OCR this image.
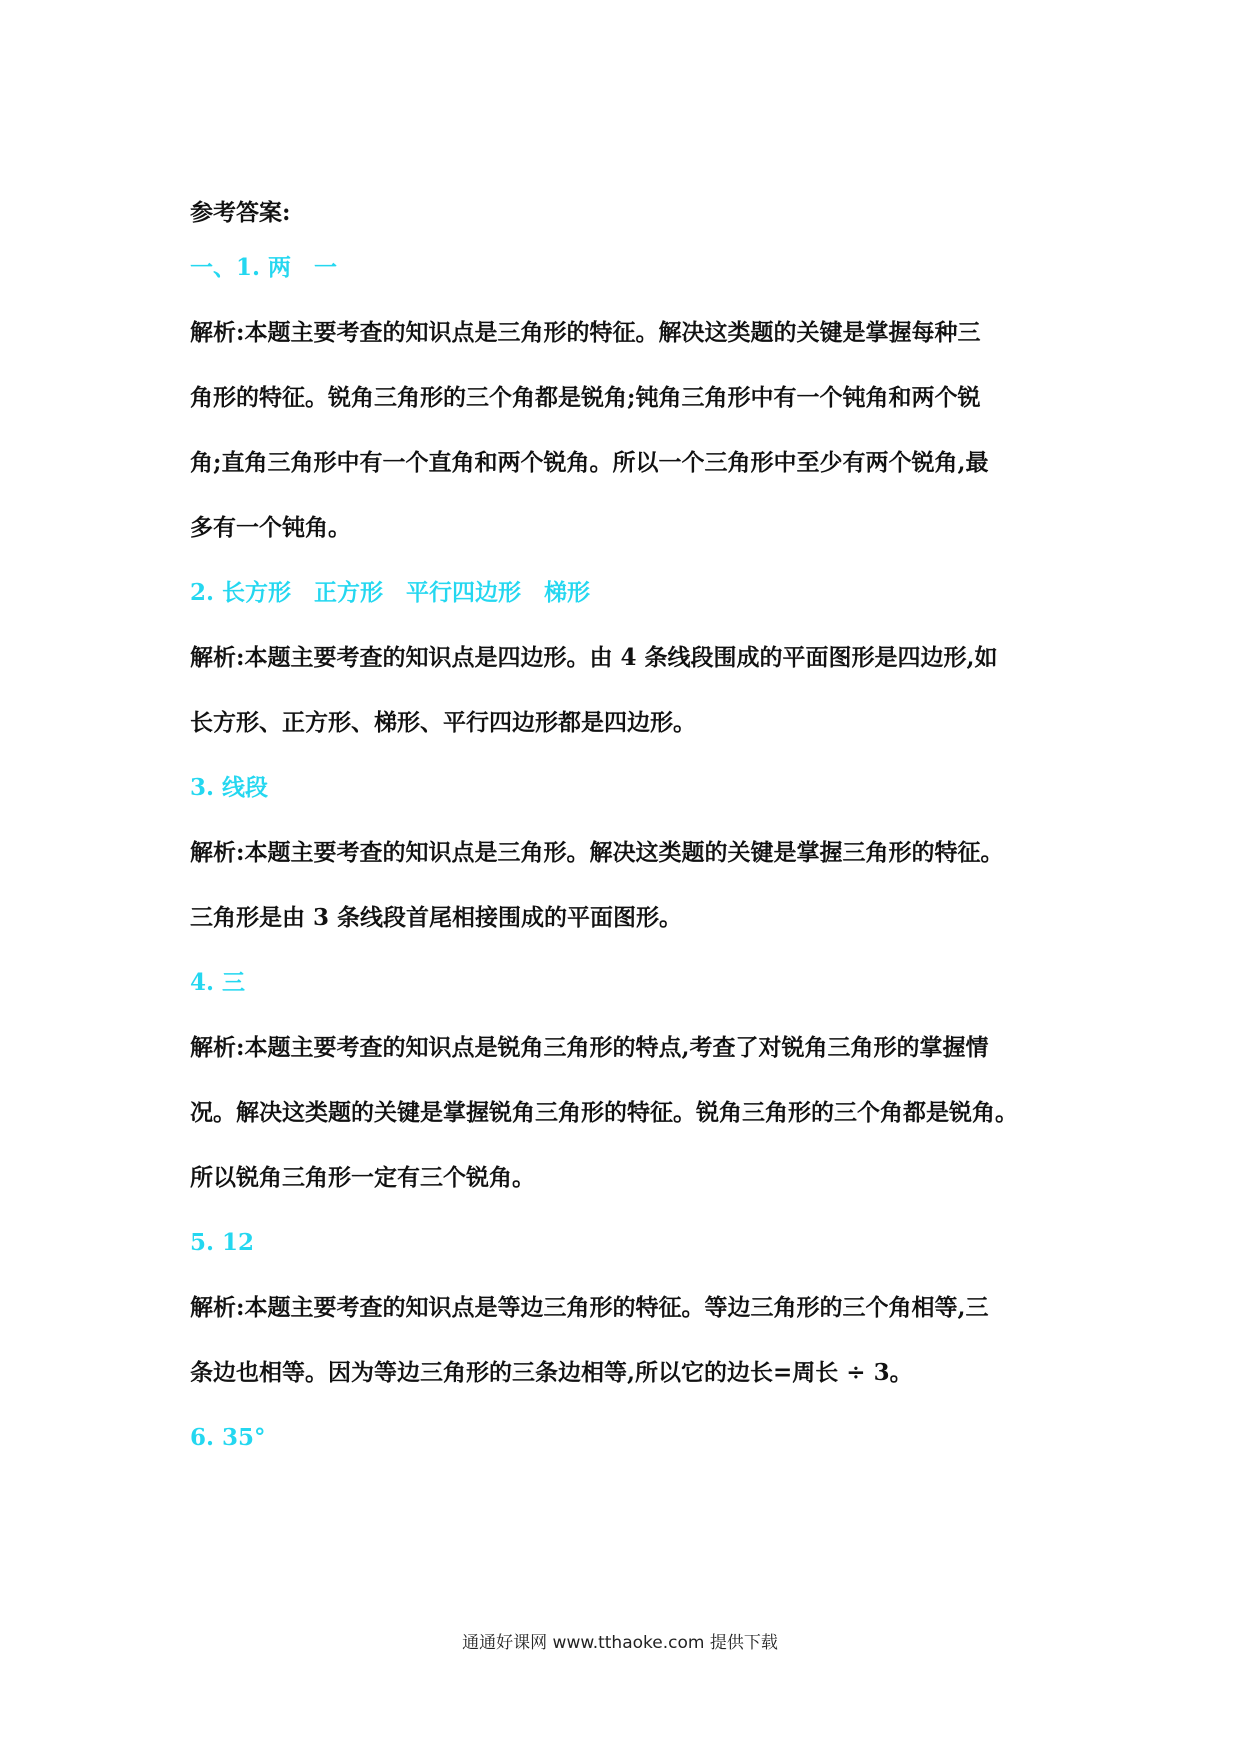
参考答案:
一、1. 两　一
解析:本题主要考查的知识点是三角形的特征。解决这类题的关键是掌握每种三
角形的特征。锐角三角形的三个角都是锐角;钝角三角形中有一个钝角和两个锐
角;直角三角形中有一个直角和两个锐角。所以一个三角形中至少有两个锐角,最
多有一个钝角。
2. 长方形　正方形　平行四边形　梯形
解析:本题主要考查的知识点是四边形。由 4 条线段围成的平面图形是四边形,如
长方形、正方形、梯形、平行四边形都是四边形。
3. 线段
解析:本题主要考查的知识点是三角形。解决这类题的关键是掌握三角形的特征。
三角形是由 3 条线段首尾相接围成的平面图形。
4. 三
解析:本题主要考查的知识点是锐角三角形的特点,考查了对锐角三角形的掌握情
况。解决这类题的关键是掌握锐角三角形的特征。锐角三角形的三个角都是锐角。
所以锐角三角形一定有三个锐角。
5. 12
解析:本题主要考查的知识点是等边三角形的特征。等边三角形的三个角相等,三
条边也相等。因为等边三角形的三条边相等,所以它的边长=周长 ÷ 3。
6. 35°
通通好课网 www.tthaoke.com 提供下载
